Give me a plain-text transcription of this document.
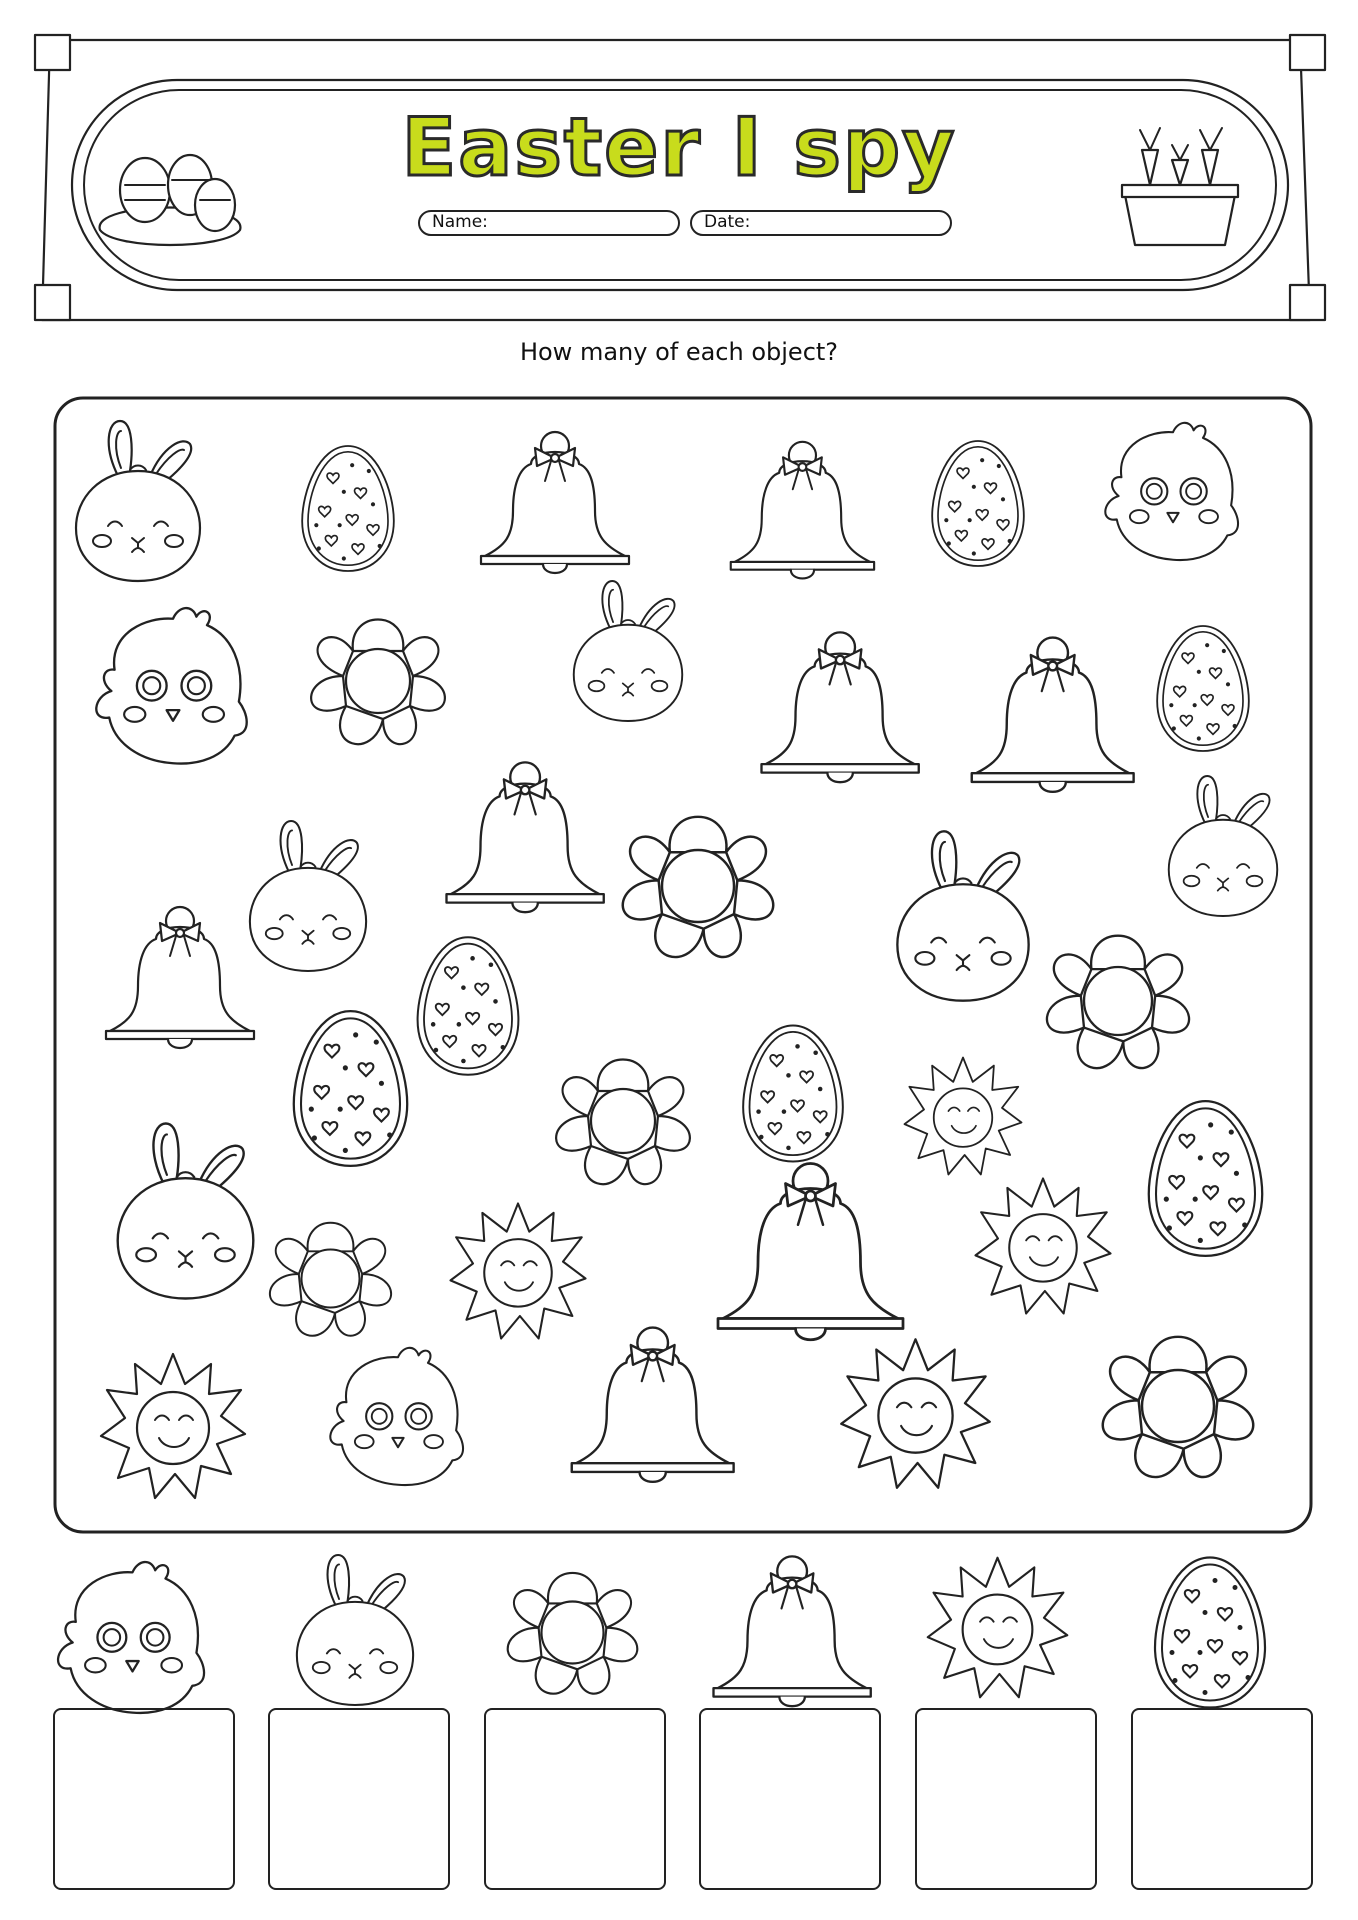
Easter I spy
Name:	Date:
How many of each object?
